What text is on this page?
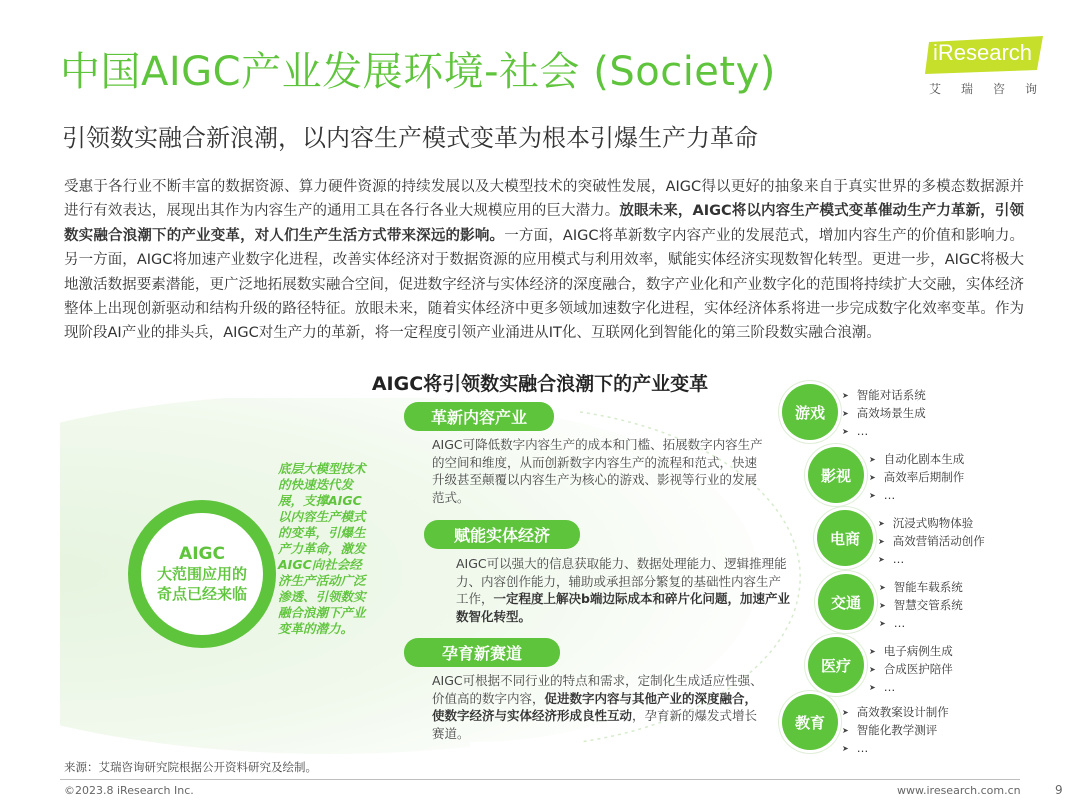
中国AIGC产业发展环境-社会 (Society)
引领数实融合新浪潮，以内容生产模式变革为根本引爆生产力革命
iResearch
艾瑞咨询

受惠于各行业不断丰富的数据资源、算力硬件资源的持续发展以及大模型技术的突破性发展，AIGC得以更好的抽象来自于真实世界的多模态数据源并进行有效表达，展现出其作为内容生产的通用工具在各行各业大规模应用的巨大潜力。放眼未来，AIGC将以内容生产模式变革催动生产力革新，引领数实融合浪潮下的产业变革，对人们生产生活方式带来深远的影响。一方面，AIGC将革新数字内容产业的发展范式，增加内容生产的价值和影响力。另一方面，AIGC将加速产业数字化进程，改善实体经济对于数据资源的应用模式与利用效率，赋能实体经济实现数智化转型。更进一步，AIGC将极大地激活数据要素潜能，更广泛地拓展数实融合空间，促进数字经济与实体经济的深度融合，数字产业化和产业数字化的范围将持续扩大交融，实体经济整体上出现创新驱动和结构升级的路径特征。放眼未来，随着实体经济中更多领域加速数字化进程，实体经济体系将进一步完成数字化效率变革。作为现阶段AI产业的排头兵，AIGC对生产力的革新，将一定程度引领产业涌进从IT化、互联网化到智能化的第三阶段数实融合浪潮。

AIGC将引领数实融合浪潮下的产业变革
AIGC
大范围应用的奇点已经来临
底层大模型技术的快速迭代发展，支撑AIGC以内容生产模式的变革，引爆生产力革命，激发AIGC向社会经济生产活动广泛渗透、引领数实融合浪潮下产业变革的潜力。
革新内容产业
AIGC可降低数字内容生产的成本和门槛、拓展数字内容生产的空间和维度，从而创新数字内容生产的流程和范式，快速升级甚至颠覆以内容生产为核心的游戏、影视等行业的发展范式。
赋能实体经济
AIGC可以强大的信息获取能力、数据处理能力、逻辑推理能力、内容创作能力，辅助或承担部分繁复的基础性内容生产工作，一定程度上解决b端边际成本和碎片化问题，加速产业数智化转型。
孕育新赛道
AIGC可根据不同行业的特点和需求，定制化生成适应性强、价值高的数字内容，促进数字内容与其他产业的深度融合，使数字经济与实体经济形成良性互动，孕育新的爆发式增长赛道。
游戏
➤ 智能对话系统
➤ 高效场景生成
➤ …
影视
➤ 自动化剧本生成
➤ 高效率后期制作
➤ …
电商
➤ 沉浸式购物体验
➤ 高效营销活动创作
➤ …
交通
➤ 智能车载系统
➤ 智慧交管系统
➤ …
医疗
➤ 电子病例生成
➤ 合成医护陪伴
➤ …
教育
➤ 高效教案设计制作
➤ 智能化教学测评
➤ …
来源：艾瑞咨询研究院根据公开资料研究及绘制。
©2023.8 iResearch Inc.	www.iresearch.com.cn	9
